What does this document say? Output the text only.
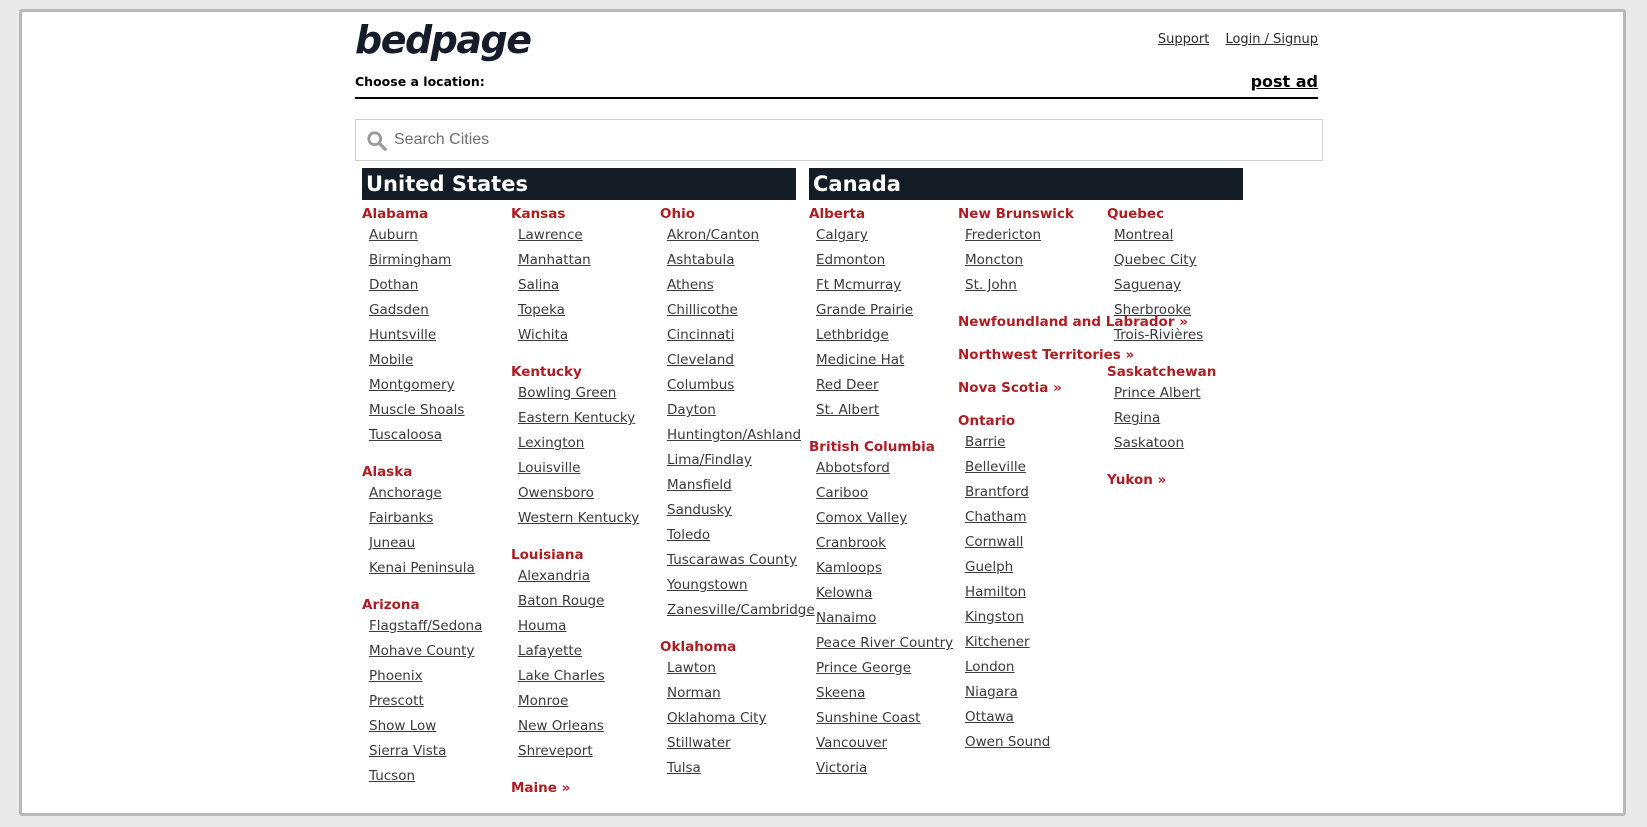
bedpage	Support Login / Signup
Choose a location:	post ad
Search Cities
United States	Canada
Alabama
Auburn
Birmingham
Dothan
Gadsden
Huntsville
Mobile
Montgomery
Muscle Shoals
Tuscaloosa
Alaska
Anchorage
Fairbanks
Juneau
Kenai Peninsula
Arizona
Flagstaff/Sedona
Mohave County
Phoenix
Prescott
Show Low
Sierra Vista
Tucson
Kansas
Lawrence
Manhattan
Salina
Topeka
Wichita
Kentucky
Bowling Green
Eastern Kentucky
Lexington
Louisville
Owensboro
Western Kentucky
Louisiana
Alexandria
Baton Rouge
Houma
Lafayette
Lake Charles
Monroe
New Orleans
Shreveport
Maine »
Ohio
Akron/Canton
Ashtabula
Athens
Chillicothe
Cincinnati
Cleveland
Columbus
Dayton
Huntington/Ashland
Lima/Findlay
Mansfield
Sandusky
Toledo
Tuscarawas County
Youngstown
Zanesville/Cambridge
Oklahoma
Lawton
Norman
Oklahoma City
Stillwater
Tulsa
Alberta
Calgary
Edmonton
Ft Mcmurray
Grande Prairie
Lethbridge
Medicine Hat
Red Deer
St. Albert
British Columbia
Abbotsford
Cariboo
Comox Valley
Cranbrook
Kamloops
Kelowna
Nanaimo
Peace River Country
Prince George
Skeena
Sunshine Coast
Vancouver
Victoria
New Brunswick
Fredericton
Moncton
St. John
Newfoundland and Labrador »
Northwest Territories »
Nova Scotia »
Ontario
Barrie
Belleville
Brantford
Chatham
Cornwall
Guelph
Hamilton
Kingston
Kitchener
London
Niagara
Ottawa
Owen Sound
Quebec
Montreal
Quebec City
Saguenay
Sherbrooke
Trois-Rivières
Saskatchewan
Prince Albert
Regina
Saskatoon
Yukon »
